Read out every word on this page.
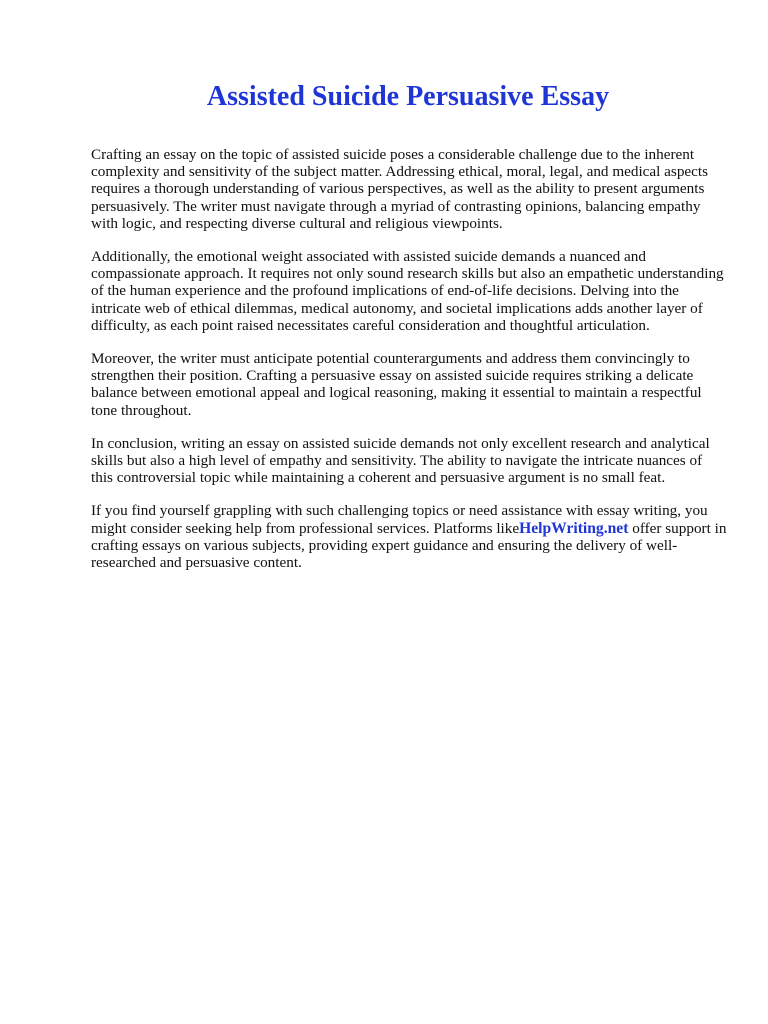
Assisted Suicide Persuasive Essay

Crafting an essay on the topic of assisted suicide poses a considerable challenge due to the inherent complexity and sensitivity of the subject matter. Addressing ethical, moral, legal, and medical aspects requires a thorough understanding of various perspectives, as well as the ability to present arguments persuasively. The writer must navigate through a myriad of contrasting opinions, balancing empathy with logic, and respecting diverse cultural and religious viewpoints.

Additionally, the emotional weight associated with assisted suicide demands a nuanced and compassionate approach. It requires not only sound research skills but also an empathetic understanding of the human experience and the profound implications of end-of-life decisions. Delving into the intricate web of ethical dilemmas, medical autonomy, and societal implications adds another layer of difficulty, as each point raised necessitates careful consideration and thoughtful articulation.

Moreover, the writer must anticipate potential counterarguments and address them convincingly to strengthen their position. Crafting a persuasive essay on assisted suicide requires striking a delicate balance between emotional appeal and logical reasoning, making it essential to maintain a respectful tone throughout.

In conclusion, writing an essay on assisted suicide demands not only excellent research and analytical skills but also a high level of empathy and sensitivity. The ability to navigate the intricate nuances of this controversial topic while maintaining a coherent and persuasive argument is no small feat.

If you find yourself grappling with such challenging topics or need assistance with essay writing, you might consider seeking help from professional services. Platforms likeHelpWriting.net offer support in crafting essays on various subjects, providing expert guidance and ensuring the delivery of well-researched and persuasive content.
